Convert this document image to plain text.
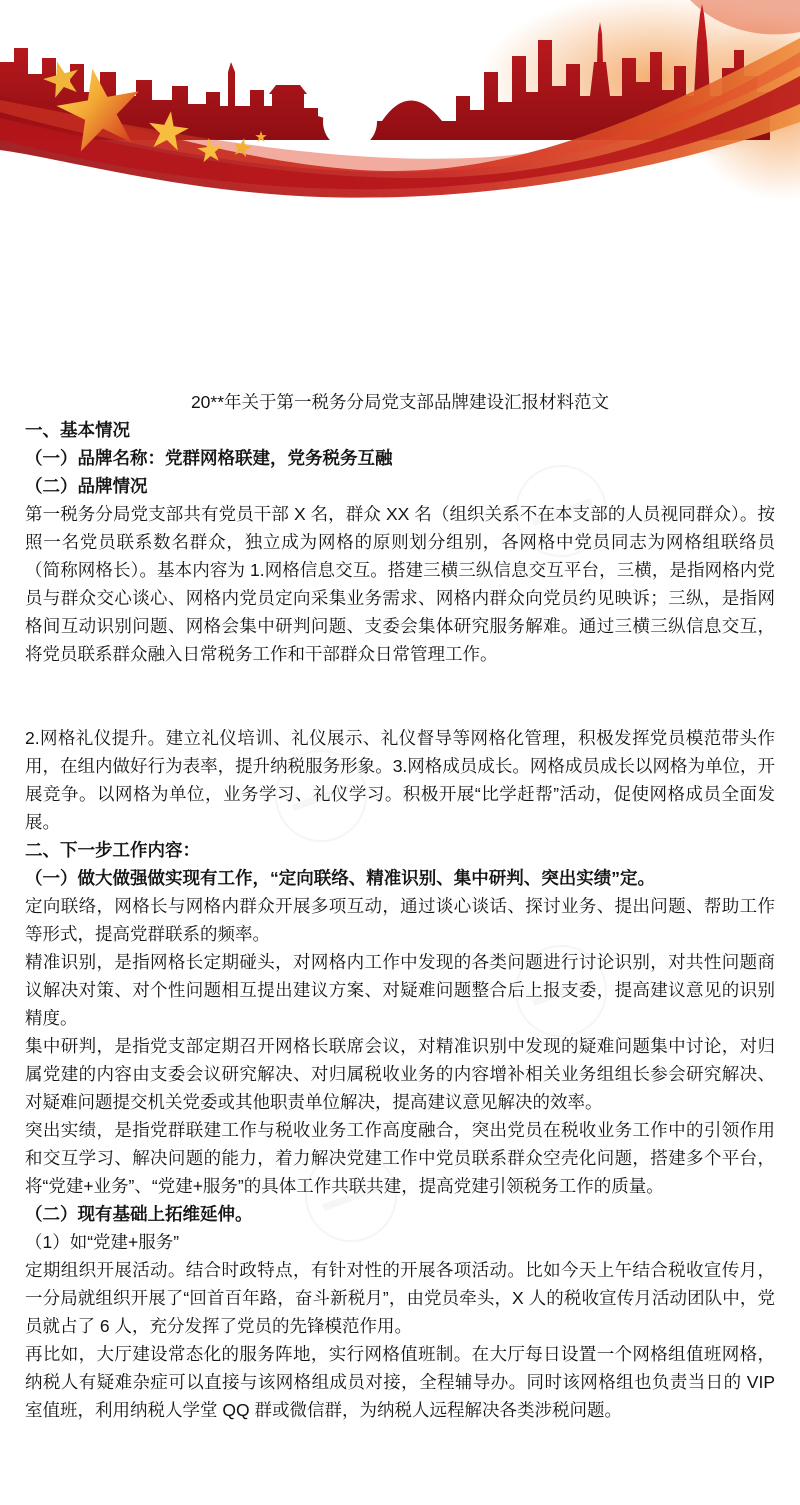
20**年关于第一税务分局党支部品牌建设汇报材料范文

一、基本情况

（一）品牌名称：党群网格联建，党务税务互融

（二）品牌情况

第一税务分局党支部共有党员干部 X 名，群众 XX 名（组织关系不在本支部的人员视同群众）。按照一名党员联系数名群众，独立成为网格的原则划分组别，各网格中党员同志为网格组联络员（简称网格长）。基本内容为 1.网格信息交互。搭建三横三纵信息交互平台，三横，是指网格内党员与群众交心谈心、网格内党员定向采集业务需求、网格内群众向党员约见映诉；三纵，是指网格间互动识别问题、网格会集中研判问题、支委会集体研究服务解难。通过三横三纵信息交互，将党员联系群众融入日常税务工作和干部群众日常管理工作。

2.网格礼仪提升。建立礼仪培训、礼仪展示、礼仪督导等网格化管理，积极发挥党员模范带头作用，在组内做好行为表率，提升纳税服务形象。3.网格成员成长。网格成员成长以网格为单位，开展竞争。以网格为单位，业务学习、礼仪学习。积极开展“比学赶帮”活动，促使网格成员全面发展。

二、下一步工作内容：

（一）做大做强做实现有工作，“定向联络、精准识别、集中研判、突出实绩”定。

定向联络，网格长与网格内群众开展多项互动，通过谈心谈话、探讨业务、提出问题、帮助工作等形式，提高党群联系的频率。

精准识别，是指网格长定期碰头，对网格内工作中发现的各类问题进行讨论识别，对共性问题商议解决对策、对个性问题相互提出建议方案、对疑难问题整合后上报支委，提高建议意见的识别精度。

集中研判，是指党支部定期召开网格长联席会议，对精准识别中发现的疑难问题集中讨论，对归属党建的内容由支委会议研究解决、对归属税收业务的内容增补相关业务组组长参会研究解决、对疑难问题提交机关党委或其他职责单位解决，提高建议意见解决的效率。

突出实绩，是指党群联建工作与税收业务工作高度融合，突出党员在税收业务工作中的引领作用和交互学习、解决问题的能力，着力解决党建工作中党员联系群众空壳化问题，搭建多个平台，将“党建+业务”、“党建+服务”的具体工作共联共建，提高党建引领税务工作的质量。

（二）现有基础上拓维延伸。

（1）如“党建+服务”

定期组织开展活动。结合时政特点，有针对性的开展各项活动。比如今天上午结合税收宣传月，一分局就组织开展了“回首百年路，奋斗新税月”，由党员牵头，X 人的税收宣传月活动团队中，党员就占了 6 人，充分发挥了党员的先锋模范作用。

再比如，大厅建设常态化的服务阵地，实行网格值班制。在大厅每日设置一个网格组值班网格，纳税人有疑难杂症可以直接与该网格组成员对接，全程辅导办。同时该网格组也负责当日的 VIP 室值班，利用纳税人学堂 QQ 群或微信群，为纳税人远程解决各类涉税问题。
